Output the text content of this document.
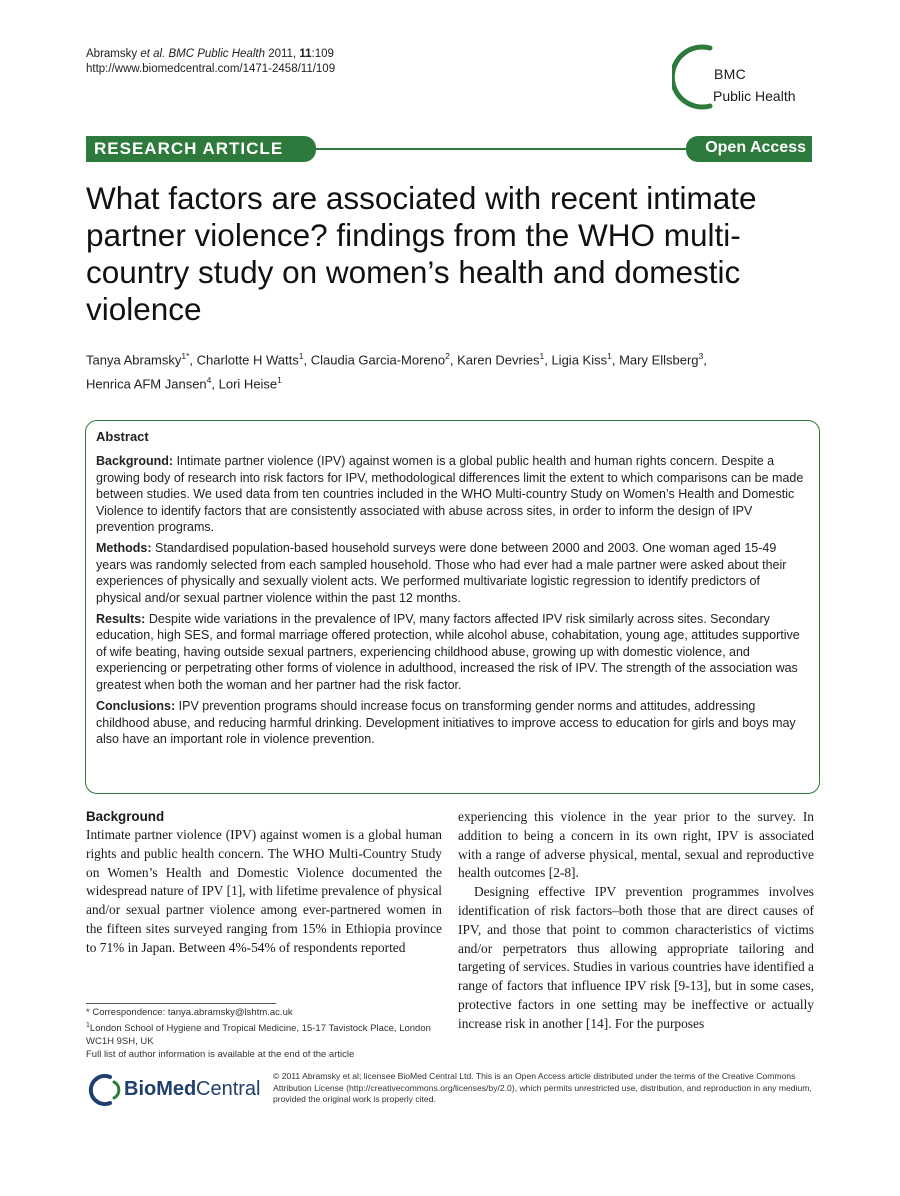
Abramsky et al. BMC Public Health 2011, 11:109
http://www.biomedcentral.com/1471-2458/11/109	BMC
Public Health
RESEARCH ARTICLE	Open Access
What factors are associated with recent intimate partner violence? findings from the WHO multi-country study on women’s health and domestic violence
Tanya Abramsky$^{1*}$, Charlotte H Watts$^1$, Claudia Garcia-Moreno$^2$, Karen Devries$^1$, Ligia Kiss$^1$, Mary Ellsberg$^3$,
Henrica AFM Jansen$^4$, Lori Heise$^1$
Abstract

Background: Intimate partner violence (IPV) against women is a global public health and human rights concern. Despite a growing body of research into risk factors for IPV, methodological differences limit the extent to which comparisons can be made between studies. We used data from ten countries included in the WHO Multi-country Study on Women’s Health and Domestic Violence to identify factors that are consistently associated with abuse across sites, in order to inform the design of IPV prevention programs.

Methods: Standardised population-based household surveys were done between 2000 and 2003. One woman aged 15-49 years was randomly selected from each sampled household. Those who had ever had a male partner were asked about their experiences of physically and sexually violent acts. We performed multivariate logistic regression to identify predictors of physical and/or sexual partner violence within the past 12 months.

Results: Despite wide variations in the prevalence of IPV, many factors affected IPV risk similarly across sites. Secondary education, high SES, and formal marriage offered protection, while alcohol abuse, cohabitation, young age, attitudes supportive of wife beating, having outside sexual partners, experiencing childhood abuse, growing up with domestic violence, and experiencing or perpetrating other forms of violence in adulthood, increased the risk of IPV. The strength of the association was greatest when both the woman and her partner had the risk factor.

Conclusions: IPV prevention programs should increase focus on transforming gender norms and attitudes, addressing childhood abuse, and reducing harmful drinking. Development initiatives to improve access to education for girls and boys may also have an important role in violence prevention.

Background

Intimate partner violence (IPV) against women is a global human rights and public health concern. The WHO Multi-Country Study on Women’s Health and Domestic Violence documented the widespread nature of IPV [1], with lifetime prevalence of physical and/or sexual partner violence among ever-partnered women in the fifteen sites surveyed ranging from 15% in Ethiopia province to 71% in Japan. Between 4%-54% of respondents reported

experiencing this violence in the year prior to the survey. In addition to being a concern in its own right, IPV is associated with a range of adverse physical, mental, sexual and reproductive health outcomes [2-8].

Designing effective IPV prevention programmes involves identification of risk factors–both those that are direct causes of IPV, and those that point to common characteristics of victims and/or perpetrators thus allowing appropriate tailoring and targeting of services. Studies in various countries have identified a range of factors that influence IPV risk [9-13], but in some cases, protective factors in one setting may be ineffective or actually increase risk in another [14]. For the purposes

* Correspondence: tanya.abramsky@lshtm.ac.uk
$^1$London School of Hygiene and Tropical Medicine, 15-17 Tavistock Place, London WC1H 9SH, UK
Full list of author information is available at the end of the article
BioMed Central
© 2011 Abramsky et al; licensee BioMed Central Ltd. This is an Open Access article distributed under the terms of the Creative Commons Attribution License (http://creativecommons.org/licenses/by/2.0), which permits unrestricted use, distribution, and reproduction in any medium, provided the original work is properly cited.
